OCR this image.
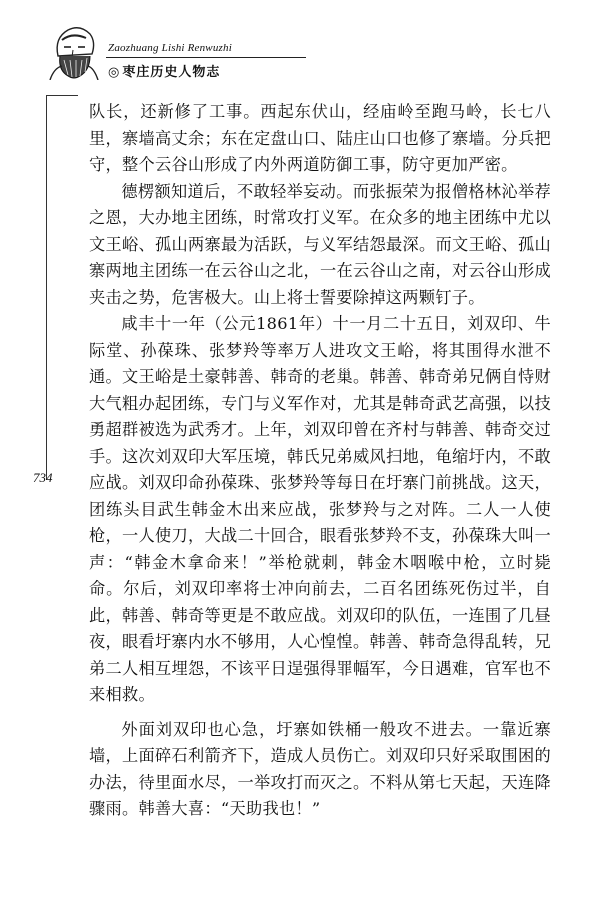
Zaozhuang Lishi Renwuzhi
◎ 枣庄历史人物志
734

队长，还新修了工事。西起东伏山，经庙岭至跑马岭，长七八里，寨墙高丈余；东在定盘山口、陆庄山口也修了寨墙。分兵把守，整个云谷山形成了内外两道防御工事，防守更加严密。

德楞额知道后，不敢轻举妄动。而张振荣为报僧格林沁举荐之恩，大办地主团练，时常攻打义军。在众多的地主团练中尤以文王峪、孤山两寨最为活跃，与义军结怨最深。而文王峪、孤山寨两地主团练一在云谷山之北，一在云谷山之南，对云谷山形成夹击之势，危害极大。山上将士誓要除掉这两颗钉子。

咸丰十一年（公元1861年）十一月二十五日，刘双印、牛际堂、孙葆珠、张梦羚等率万人进攻文王峪，将其围得水泄不通。文王峪是土豪韩善、韩奇的老巢。韩善、韩奇弟兄俩自恃财大气粗办起团练，专门与义军作对，尤其是韩奇武艺高强，以技勇超群被选为武秀才。上年，刘双印曾在齐村与韩善、韩奇交过手。这次刘双印大军压境，韩氏兄弟威风扫地，龟缩圩内，不敢应战。刘双印命孙葆珠、张梦羚等每日在圩寨门前挑战。这天，团练头目武生韩金木出来应战，张梦羚与之对阵。二人一人使枪，一人使刀，大战二十回合，眼看张梦羚不支，孙葆珠大叫一声：“韩金木拿命来！”举枪就刺，韩金木咽喉中枪，立时毙命。尔后，刘双印率将士冲向前去，二百名团练死伤过半，自此，韩善、韩奇等更是不敢应战。刘双印的队伍，一连围了几昼夜，眼看圩寨内水不够用，人心惶惶。韩善、韩奇急得乱转，兄弟二人相互埋怨，不该平日逞强得罪幅军，今日遇难，官军也不来相救。

外面刘双印也心急，圩寨如铁桶一般攻不进去。一靠近寨墙，上面碎石利箭齐下，造成人员伤亡。刘双印只好采取围困的办法，待里面水尽，一举攻打而灭之。不料从第七天起，天连降骤雨。韩善大喜：“天助我也！”
